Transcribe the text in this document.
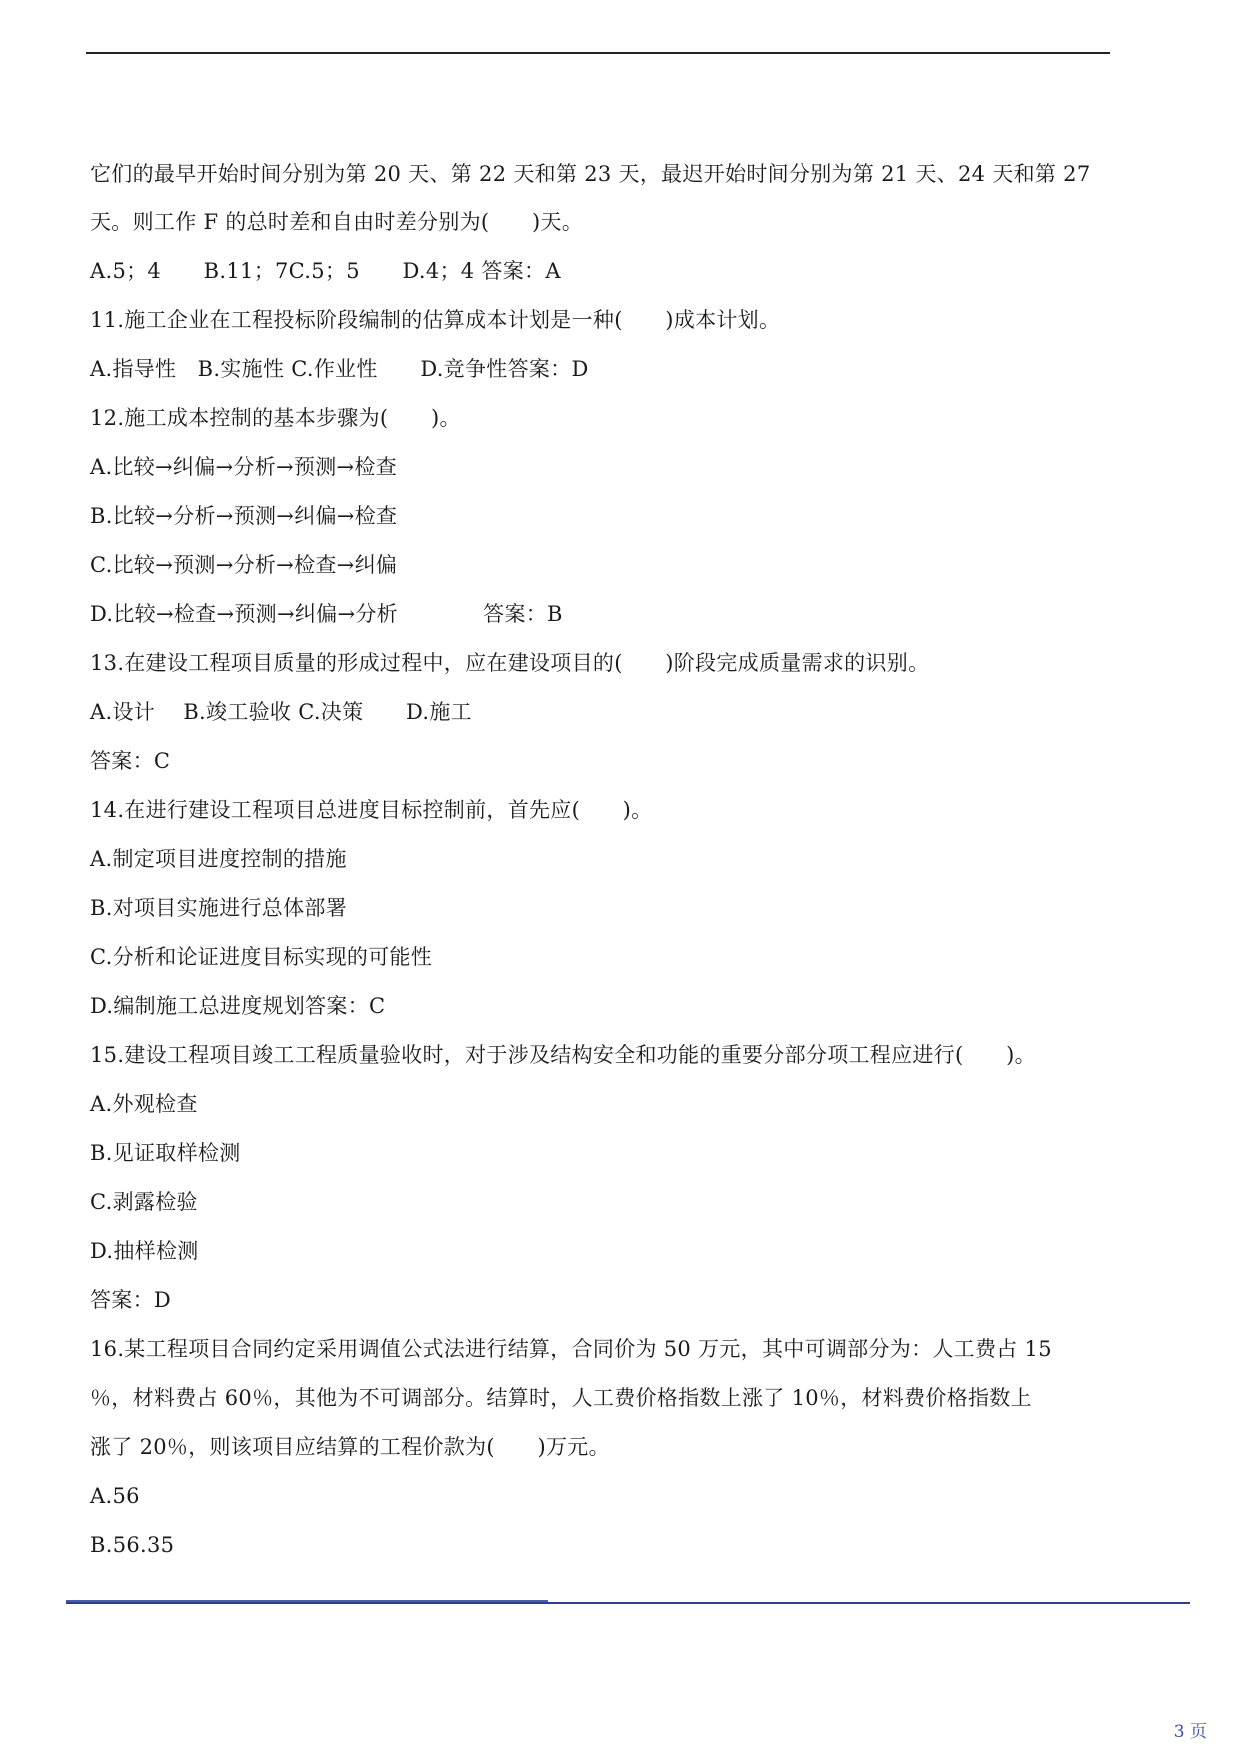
它们的最早开始时间分别为第 20 天、第 22 天和第 23 天，最迟开始时间分别为第 21 天、24 天和第 27
天。则工作 F 的总时差和自由时差分别为(　　)天。
A.5；4　　B.11；7C.5；5　　D.4；4 答案：A
11.施工企业在工程投标阶段编制的估算成本计划是一种(　　)成本计划。
A.指导性　B.实施性 C.作业性　　D.竞争性答案：D
12.施工成本控制的基本步骤为(　　)。
A.比较→纠偏→分析→预测→检查
B.比较→分析→预测→纠偏→检查
C.比较→预测→分析→检查→纠偏
D.比较→检查→预测→纠偏→分析　　　　答案：B
13.在建设工程项目质量的形成过程中，应在建设项目的(　　)阶段完成质量需求的识别。
A.设计　 B.竣工验收 C.决策　　D.施工
答案：C
14.在进行建设工程项目总进度目标控制前，首先应(　　)。
A.制定项目进度控制的措施
B.对项目实施进行总体部署
C.分析和论证进度目标实现的可能性
D.编制施工总进度规划答案：C
15.建设工程项目竣工工程质量验收时，对于涉及结构安全和功能的重要分部分项工程应进行(　　)。
A.外观检查
B.见证取样检测
C.剥露检验
D.抽样检测
答案：D
16.某工程项目合同约定采用调值公式法进行结算，合同价为 50 万元，其中可调部分为：人工费占 15
％，材料费占 60％，其他为不可调部分。结算时，人工费价格指数上涨了 10％，材料费价格指数上
涨了 20％，则该项目应结算的工程价款为(　　)万元。
A.56
B.56.35
3 页
